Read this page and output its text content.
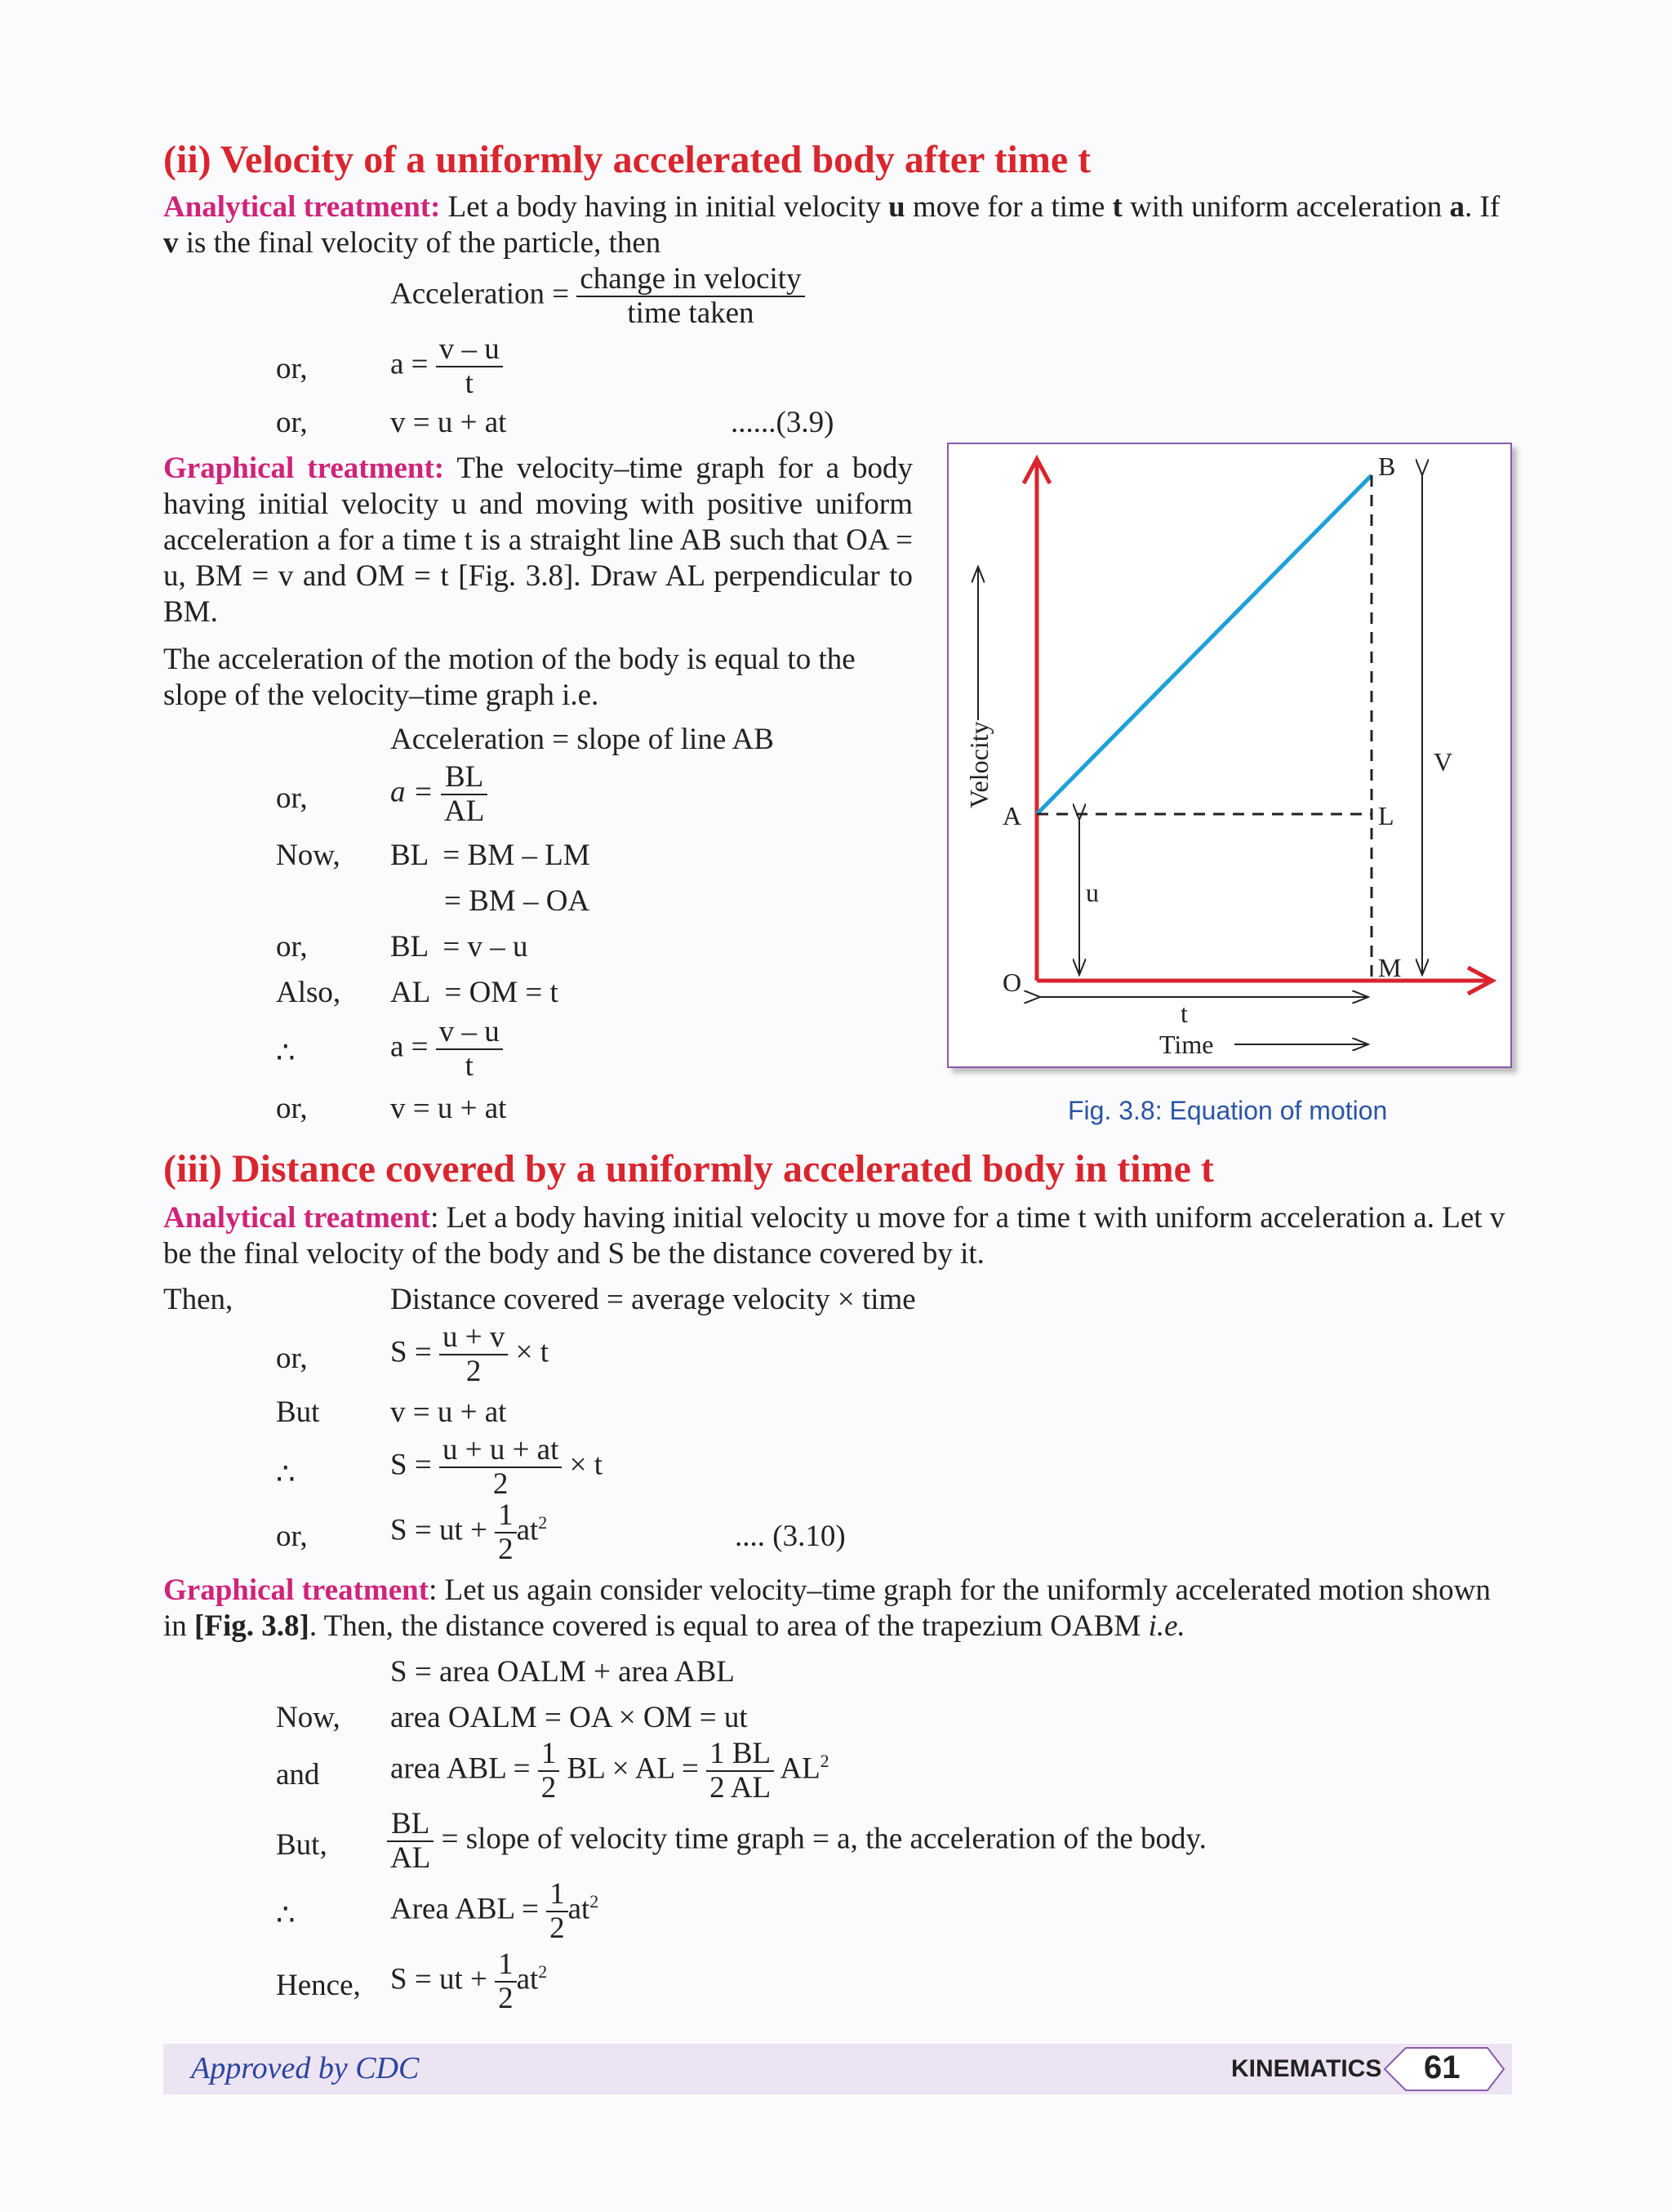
(ii) Velocity of a uniformly accelerated body after time t
Analytical treatment: Let a body having in initial velocity u move for a time t with uniform acceleration a. If v is the final velocity of the particle, then
Acceleration = $\frac{\text{change in velocity}}{\text{time taken}}$
or,	$a = \frac{v - u}{t}$
or,	v = u + at	......(3.9)
Graphical treatment: The velocity–time graph for a body having initial velocity u and moving with positive uniform acceleration a for a time t is a straight line AB such that OA = u, BM = v and OM = t [Fig. 3.8]. Draw AL perpendicular to BM.
The acceleration of the motion of the body is equal to the slope of the velocity–time graph i.e.
Acceleration = slope of line AB
or,	$a = \frac{BL}{AL}$
Now, BL  = BM – LM
= BM – OA
or,	BL  = v – u
Also, AL  = OM = t
∴	$a = \frac{v - u}{t}$
or,	v = u + at
B
A	L
M
O
V
u
t
Time
Velocity
Fig. 3.8: Equation of motion
(iii) Distance covered by a uniformly accelerated body in time t
Analytical treatment: Let a body having initial velocity u move for a time t with uniform acceleration a. Let v be the final velocity of the body and S be the distance covered by it.
Then,	Distance covered = average velocity × time
or,	$S = \frac{u + v}{2} \times t$
But v = u + at
∴	$S = \frac{u + u + at}{2} \times t$
or,	S = ut + $\frac{1}{2} at^2$	.... (3.10)
Graphical treatment: Let us again consider velocity–time graph for the uniformly accelerated motion shown in [Fig. 3.8]. Then, the distance covered is equal to area of the trapezium OABM i.e.
S = area OALM + area ABL
Now, area OALM = OA × OM = ut
and area ABL = $\frac{1}{2}$ BL × AL = $\frac{1 BL}{2 AL} AL^2$
But, $\frac{BL}{AL}$ = slope of velocity time graph = a, the acceleration of the body.
∴	Area ABL = $\frac{1}{2} at^2$
Hence, S = ut + $\frac{1}{2} at^2$
Approved by CDC	KINEMATICS 61
